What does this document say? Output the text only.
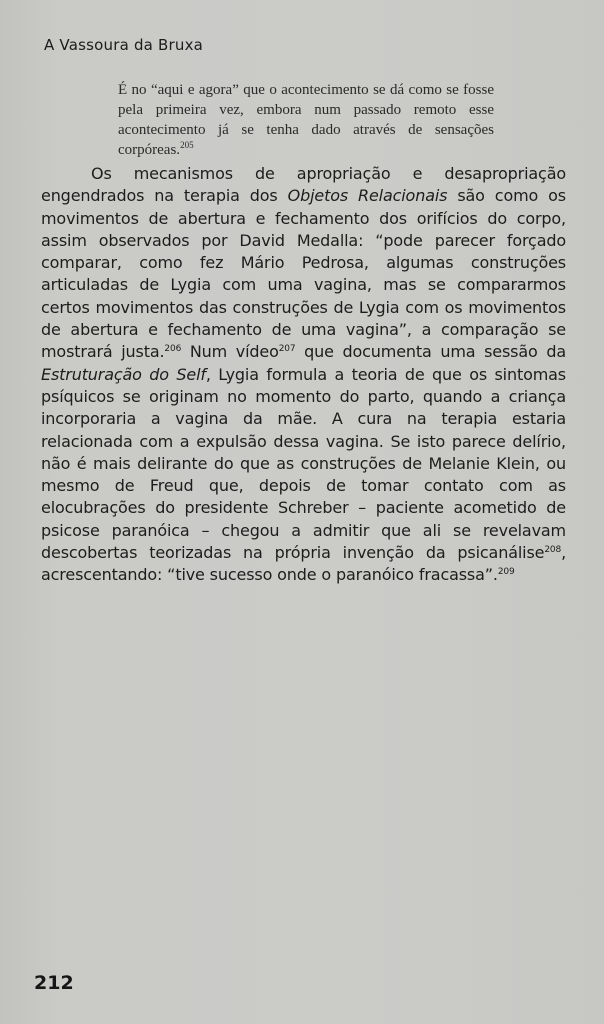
A Vassoura da Bruxa
É no “aqui e agora” que o acontecimento se dá como se fosse pela primeira vez, embora num passado remoto esse acontecimento já se tenha dado através de sensações corpóreas.$^{205}$
Os mecanismos de apropriação e desapropriação engendrados na terapia dos Objetos Relacionais são como os movimentos de abertura e fechamento dos orifícios do corpo, assim observados por David Medalla: “pode parecer forçado comparar, como fez Mário Pedrosa, algumas construções articuladas de Lygia com uma vagina, mas se compararmos certos movimentos das construções de Lygia com os movimentos de abertura e fechamento de uma vagina”, a comparação se mostrará justa.$^{206}$ Num vídeo$^{207}$ que documenta uma sessão da Estruturação do Self, Lygia formula a teoria de que os sintomas psíquicos se originam no momento do parto, quando a criança incorporaria a vagina da mãe. A cura na terapia estaria relacionada com a expulsão dessa vagina. Se isto parece delírio, não é mais delirante do que as construções de Melanie Klein, ou mesmo de Freud que, depois de tomar contato com as elocubrações do presidente Schreber – paciente acometido de psicose paranóica – chegou a admitir que ali se revelavam descobertas teorizadas na própria invenção da psicanálise$^{208}$, acrescentando: “tive sucesso onde o paranóico fracassa”.$^{209}$
212
